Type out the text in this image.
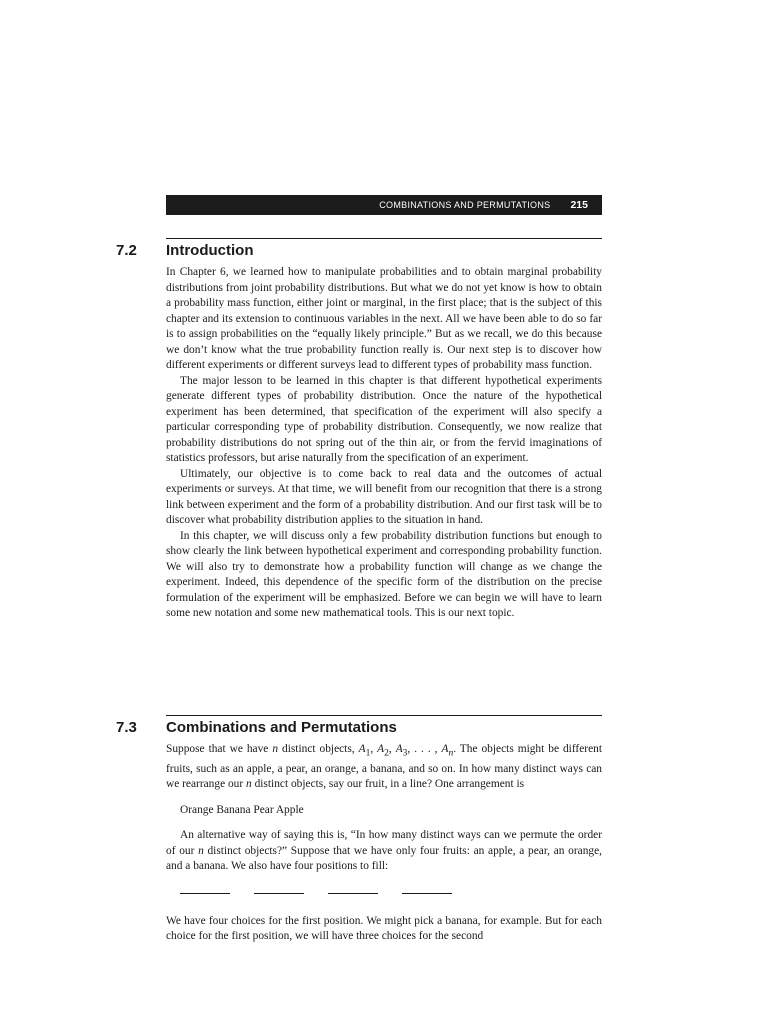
COMBINATIONS AND PERMUTATIONS 215
7.2 Introduction

In Chapter 6, we learned how to manipulate probabilities and to obtain marginal probability distributions from joint probability distributions. But what we do not yet know is how to obtain a probability mass function, either joint or marginal, in the first place; that is the subject of this chapter and its extension to continuous variables in the next. All we have been able to do so far is to assign probabilities on the “equally likely principle.” But as we recall, we do this because we don’t know what the true probability function really is. Our next step is to discover how different experiments or different surveys lead to different types of probability mass function.

The major lesson to be learned in this chapter is that different hypothetical experiments generate different types of probability distribution. Once the nature of the hypothetical experiment has been determined, that specification of the experiment will also specify a particular corresponding type of probability distribution. Consequently, we now realize that probability distributions do not spring out of the thin air, or from the fervid imaginations of statistics professors, but arise naturally from the specification of an experiment.

Ultimately, our objective is to come back to real data and the outcomes of actual experiments or surveys. At that time, we will benefit from our recognition that there is a strong link between experiment and the form of a probability distribution. And our first task will be to discover what probability distribution applies to the situation in hand.

In this chapter, we will discuss only a few probability distribution functions but enough to show clearly the link between hypothetical experiment and corresponding probability function. We will also try to demonstrate how a probability function will change as we change the experiment. Indeed, this dependence of the specific form of the distribution on the precise formulation of the experiment will be emphasized. Before we can begin we will have to learn some new notation and some new mathematical tools. This is our next topic.

7.3 Combinations and Permutations

Suppose that we have n distinct objects, $A_1$, $A_2$, $A_3$, . . . , $A_n$. The objects might be different fruits, such as an apple, a pear, an orange, a banana, and so on. In how many distinct ways can we rearrange our n distinct objects, say our fruit, in a line? One arrangement is

Orange Banana Pear Apple

An alternative way of saying this is, “In how many distinct ways can we permute the order of our n distinct objects?” Suppose that we have only four fruits: an apple, a pear, an orange, and a banana. We also have four positions to fill:

We have four choices for the first position. We might pick a banana, for example. But for each choice for the first position, we will have three choices for the second
